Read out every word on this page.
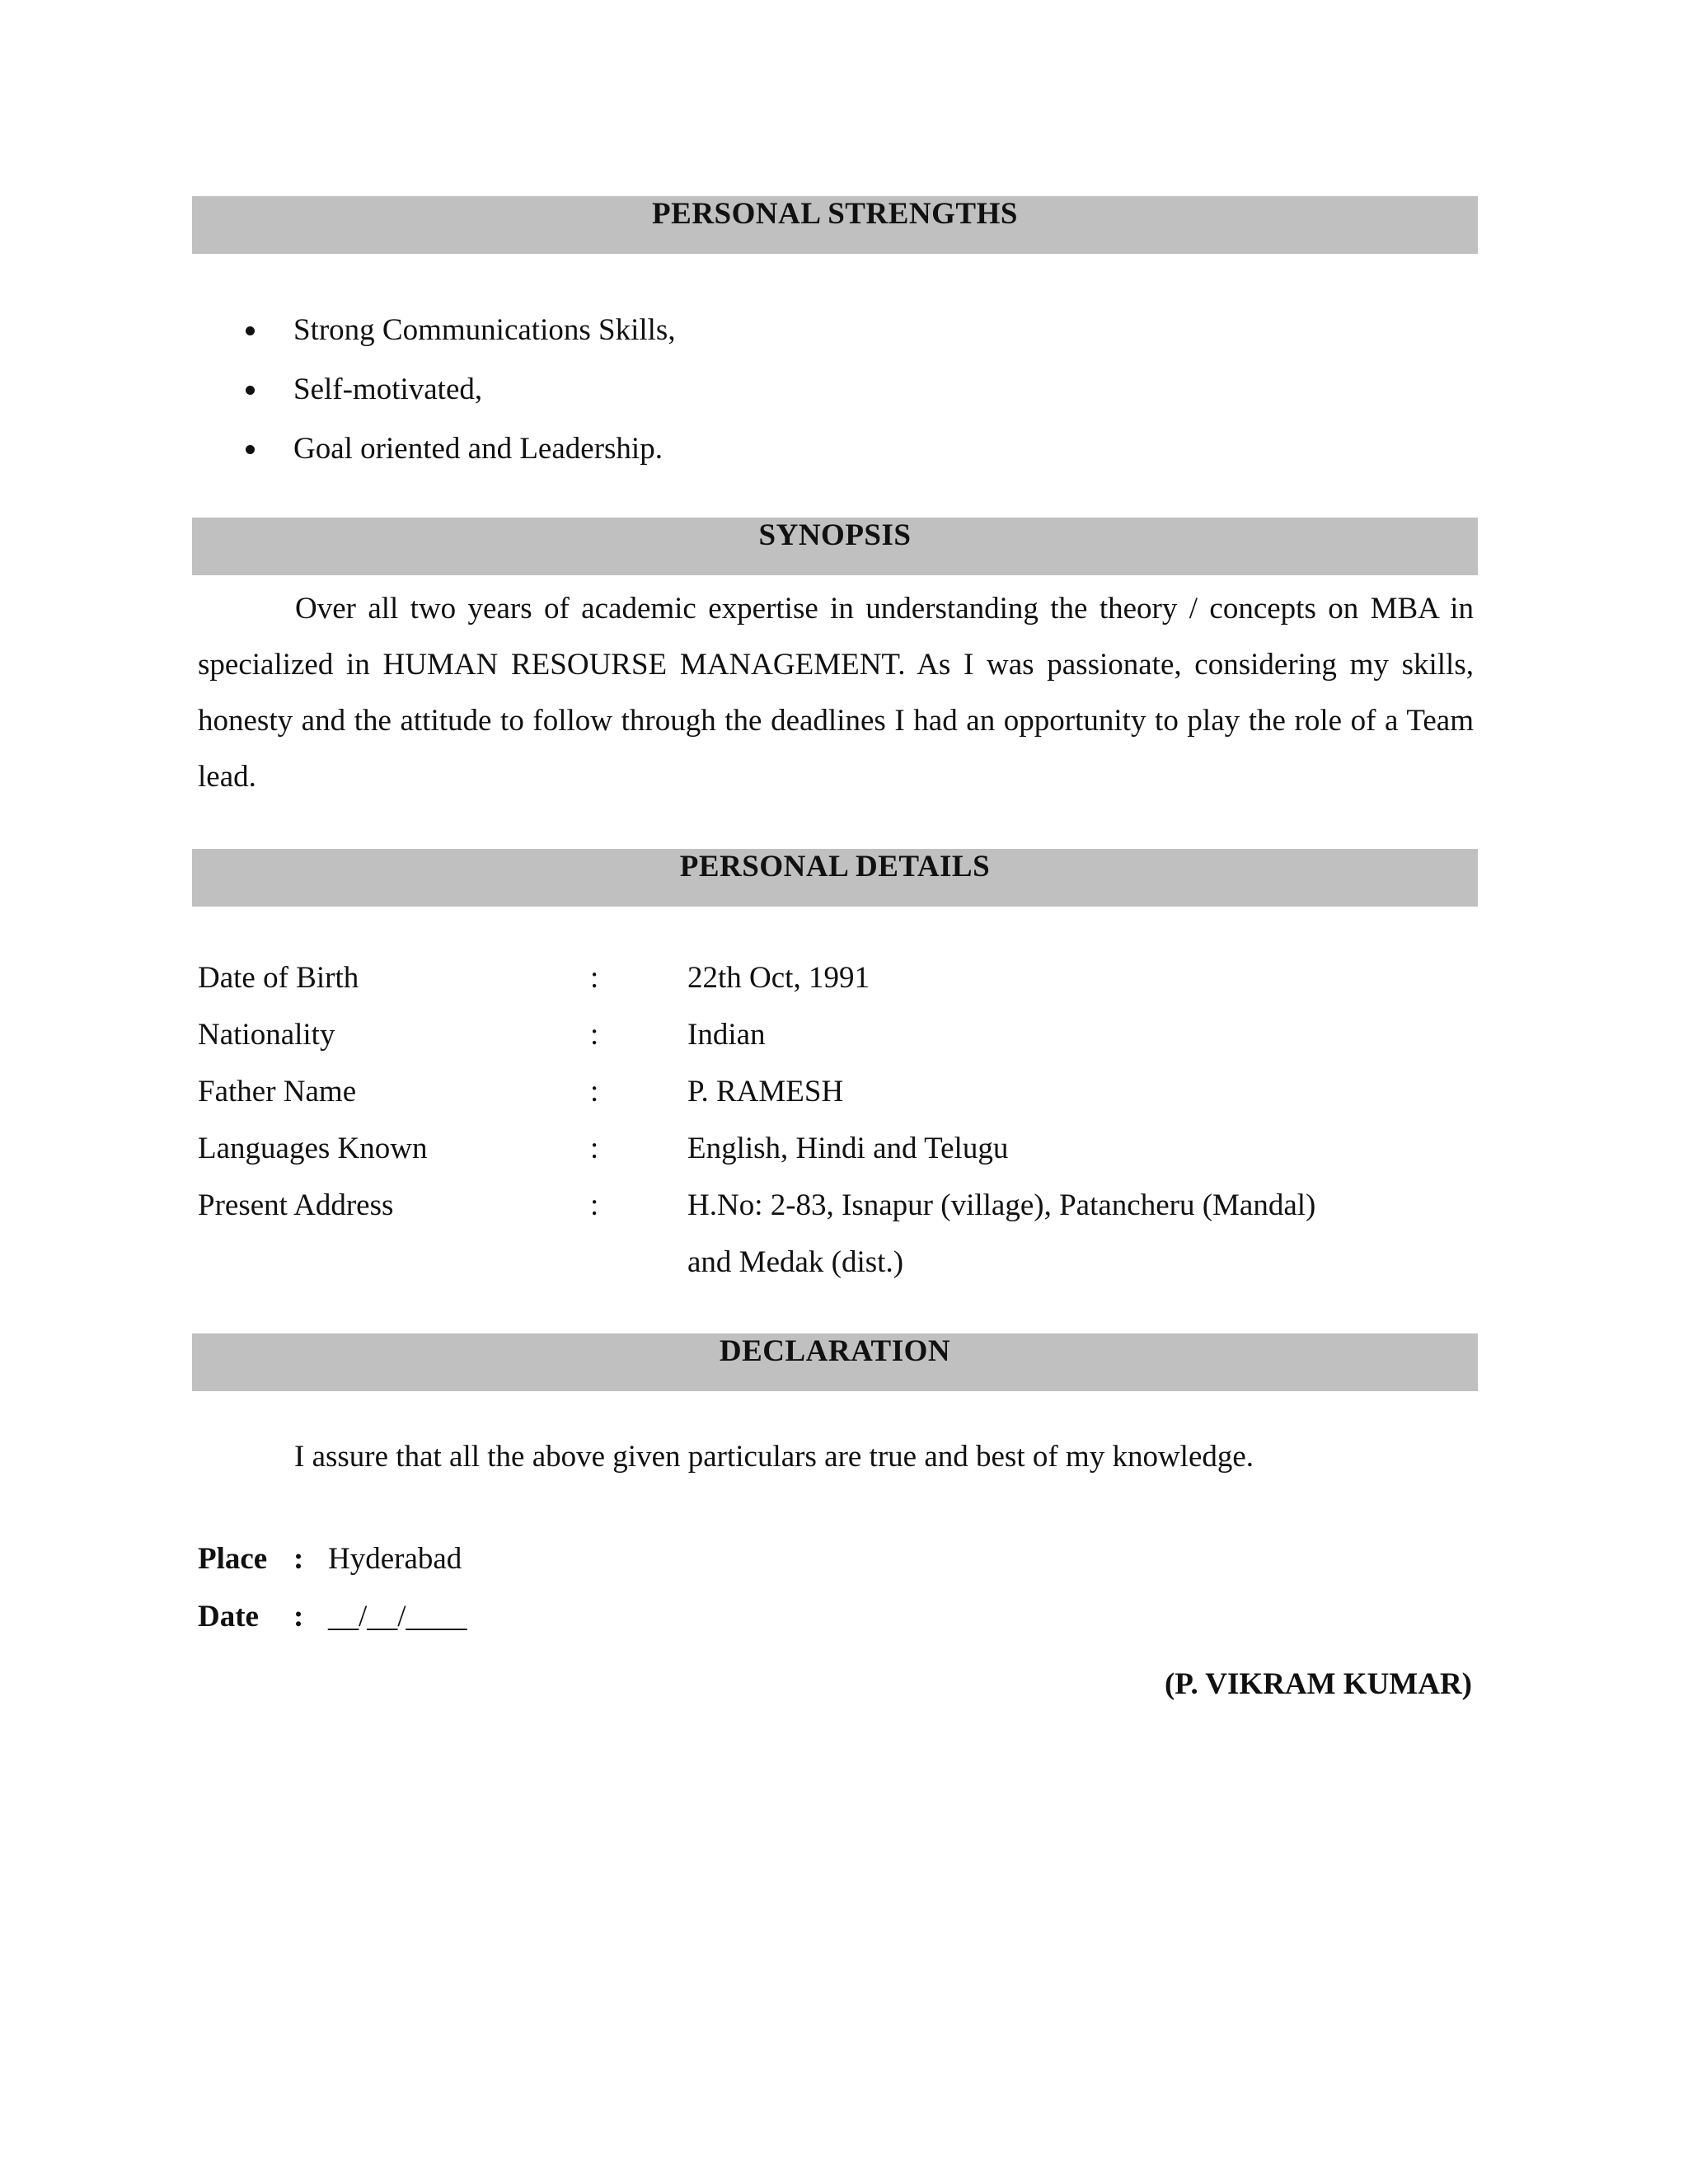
PERSONAL STRENGTHS
Strong Communications Skills,
Self-motivated,
Goal oriented and Leadership.
SYNOPSIS

Over all two years of academic expertise in understanding the theory / concepts on MBA in specialized in HUMAN RESOURSE MANAGEMENT. As I was passionate, considering my skills, honesty and the attitude to follow through the deadlines I had an opportunity to play the role of a Team lead.

PERSONAL DETAILS
Date of Birth	:	22th Oct, 1991
Nationality	:	Indian
Father Name	:	P. RAMESH
Languages Known	:	English, Hindi and Telugu
Present Address	:	H.No: 2-83, Isnapur (village), Patancheru (Mandal)
and Medak (dist.)
DECLARATION

I assure that all the above given particulars are true and best of my knowledge.

Place : Hyderabad
Date : __/__/____
(P. VIKRAM KUMAR)
